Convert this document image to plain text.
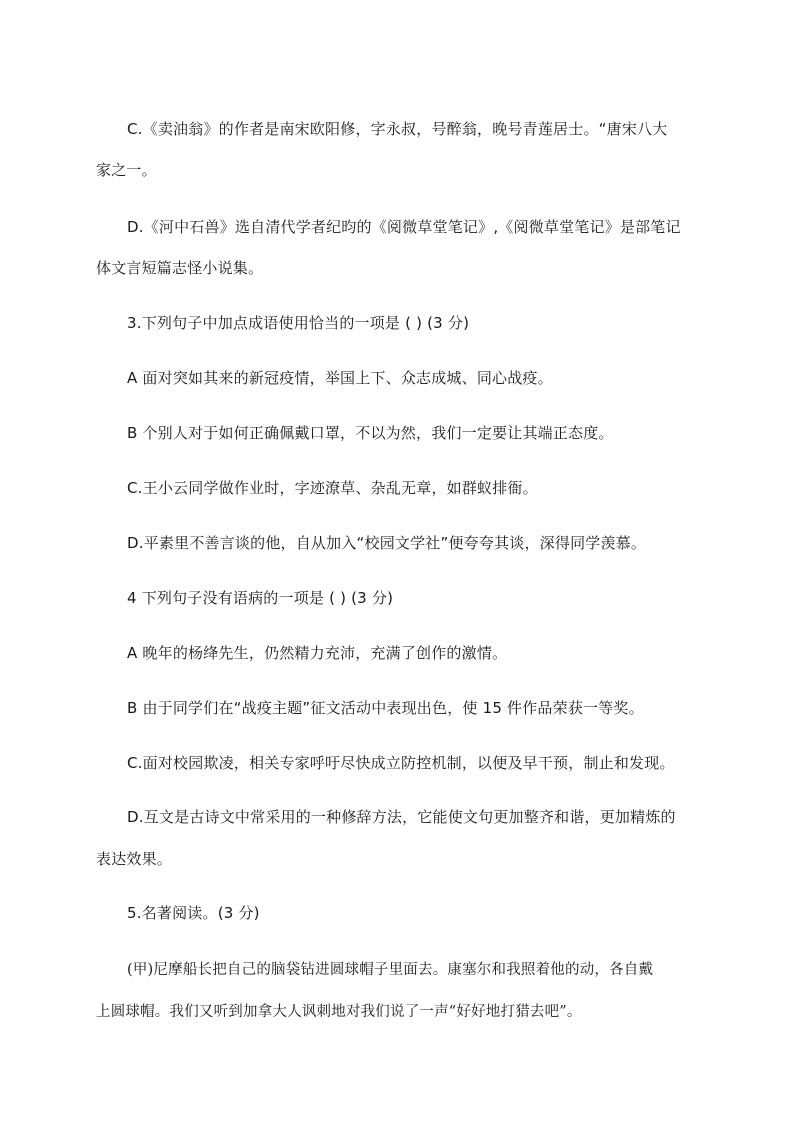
C.《卖油翁》的作者是南宋欧阳修，字永叔，号醉翁，晚号青莲居士。“唐宋八大

家之一。

D.《河中石兽》选自清代学者纪昀的《阅微草堂笔记》,《阅微草堂笔记》是部笔记

体文言短篇志怪小说集。

3.下列句子中加点成语使用恰当的一项是 ( ) (3 分)

A 面对突如其来的新冠疫情，举国上下、众志成城、同心战疫。

B 个别人对于如何正确佩戴口罩，不以为然，我们一定要让其端正态度。

C.王小云同学做作业时，字迹潦草、杂乱无章，如群蚁排衙。

D.平素里不善言谈的他，自从加入“校园文学社”便夸夸其谈，深得同学羡慕。

4 下列句子没有语病的一项是 ( ) (3 分)

A 晚年的杨绛先生，仍然精力充沛，充满了创作的激情。

B 由于同学们在“战疫主题”征文活动中表现出色，使 15 件作品荣获一等奖。

C.面对校园欺凌，相关专家呼吁尽快成立防控机制，以便及早干预，制止和发现。

D.互文是古诗文中常采用的一种修辞方法，它能使文句更加整齐和谐，更加精炼的

表达效果。

5.名著阅读。(3 分)

(甲)尼摩船长把自己的脑袋钻进圆球帽子里面去。康塞尔和我照着他的动，各自戴

上圆球帽。我们又听到加拿大人讽刺地对我们说了一声“好好地打猎去吧”。
